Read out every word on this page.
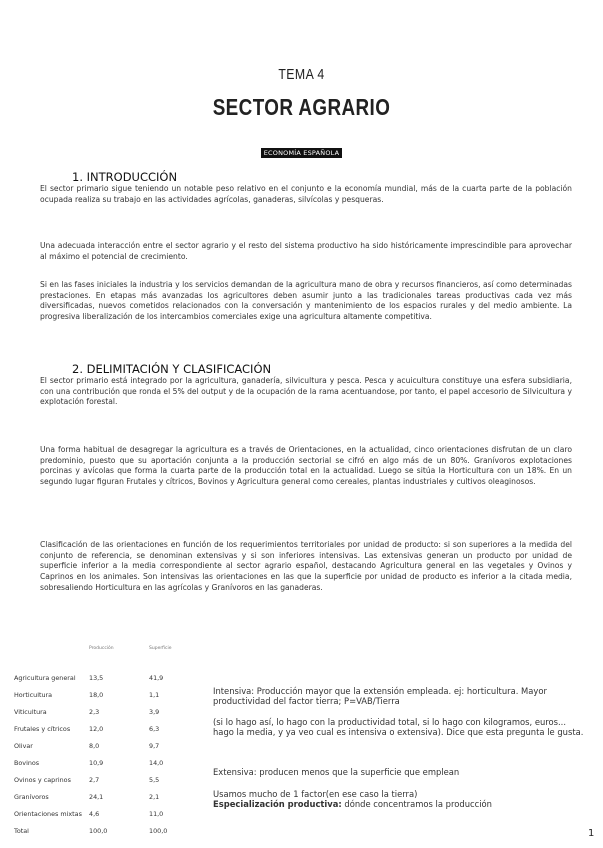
TEMA 4
SECTOR AGRARIO
ECONOMÍA ESPAÑOLA
1. INTRODUCCIÓN
El sector primario sigue teniendo un notable peso relativo en el conjunto e la economía mundial, más de la cuarta parte de la población ocupada realiza su trabajo en las actividades agrícolas, ganaderas, silvícolas y pesqueras.
Una adecuada interacción entre el sector agrario y el resto del sistema productivo ha sido históricamente imprescindible para aprovechar al máximo el potencial de crecimiento.
Si en las fases iniciales la industria y los servicios demandan de la agricultura mano de obra y recursos financieros, así como determinadas prestaciones. En etapas más avanzadas los agricultores deben asumir junto a las tradicionales tareas productivas cada vez más diversificadas, nuevos cometidos relacionados con la conversación y mantenimiento de los espacios rurales y del medio ambiente. La progresiva liberalización de los intercambios comerciales exige una agricultura altamente competitiva.
2. DELIMITACIÓN Y CLASIFICACIÓN
El sector primario está integrado por la agricultura, ganadería, silvicultura y pesca. Pesca y acuicultura constituye una esfera subsidiaria, con una contribución que ronda el 5% del output y de la ocupación de la rama acentuandose, por tanto, el papel accesorio de Silvicultura y explotación forestal.
Una forma habitual de desagregar la agricultura es a través de Orientaciones, en la actualidad, cinco orientaciones disfrutan de un claro predominio, puesto que su aportación conjunta a la producción sectorial se cifró en algo más de un 80%. Granívoros explotaciones porcinas y avícolas que forma la cuarta parte de la producción total en la actualidad. Luego se sitúa la Horticultura con un 18%. En un segundo lugar figuran Frutales y cítricos, Bovinos y Agricultura general como cereales, plantas industriales y cultivos oleaginosos.
Clasificación de las orientaciones en función de los requerimientos territoriales por unidad de producto: si son superiores a la medida del conjunto de referencia, se denominan extensivas y si son inferiores intensivas. Las extensivas generan un producto por unidad de superficie inferior a la media correspondiente al sector agrario español, destacando Agricultura general en las vegetales y Ovinos y Caprinos en los animales. Son intensivas las orientaciones en las que la superficie por unidad de producto es inferior a la citada media, sobresaliendo Horticultura en las agrícolas y Granívoros en las ganaderas.
Producción	Superficie
Agricultura general 13,5	41,9
Horticultura	18,0	1,1
Viticultura	2,3	3,9
Frutales y cítricos	12,0	6,3
Olivar	8,0	9,7
Bovinos	10,9	14,0
Ovinos y caprinos	2,7	5,5
Granívoros	24,1	2,1
Orientaciones mixtas 4,6	11,0
Total	100,0	100,0
Intensiva: Producción mayor que la extensión empleada. ej: horticultura. Mayor productividad del factor tierra; P=VAB/Tierra
(si lo hago así, lo hago con la productividad total, si lo hago con kilogramos, euros... hago la media, y ya veo cual es intensiva o extensiva). Dice que esta pregunta le gusta.
Extensiva: producen menos que la superficie que emplean
Usamos mucho de 1 factor(en ese caso la tierra)
Especialización productiva: dónde concentramos la producción
1
